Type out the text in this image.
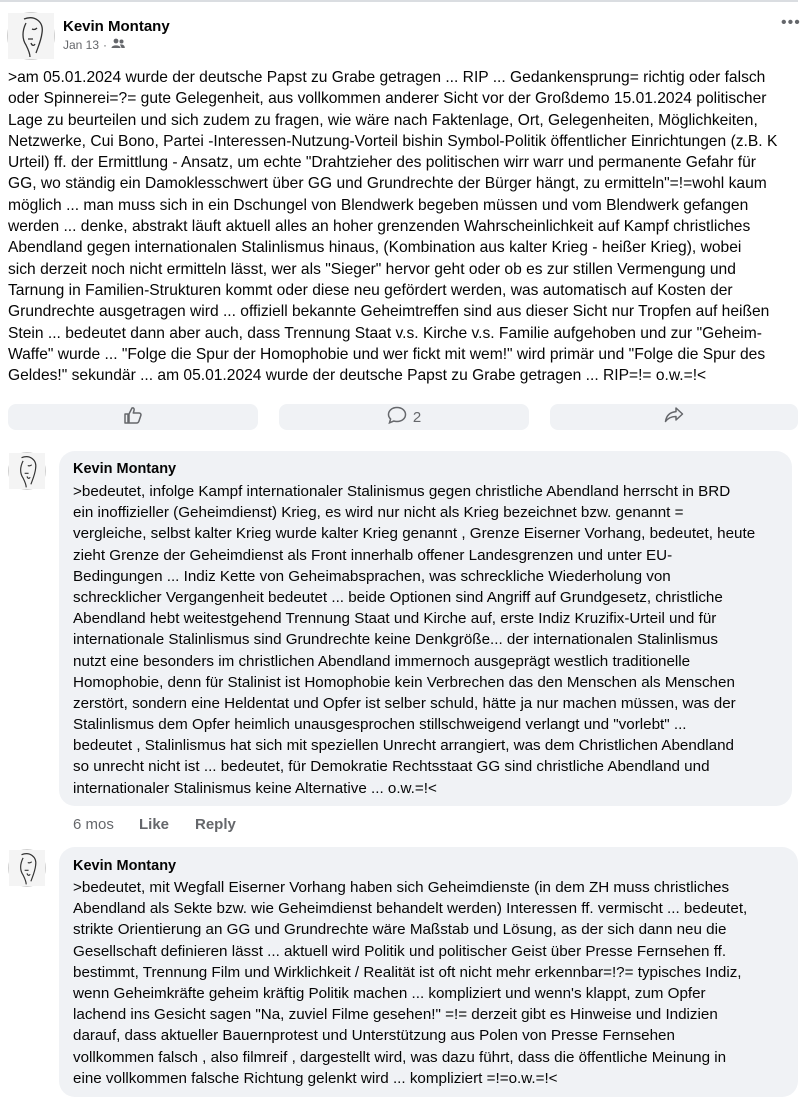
Kevin Montany
Jan 13 ·
•••
>am 05.01.2024 wurde der deutsche Papst zu Grabe getragen ... RIP ... Gedankensprung= richtig oder falsch
oder Spinnerei=?= gute Gelegenheit, aus vollkommen anderer Sicht vor der Großdemo 15.01.2024 politischer
Lage zu beurteilen und sich zudem zu fragen, wie wäre nach Faktenlage, Ort, Gelegenheiten, Möglichkeiten,
Netzwerke, Cui Bono, Partei -Interessen-Nutzung-Vorteil bishin Symbol-Politik öffentlicher Einrichtungen (z.B. K
Urteil) ff. der Ermittlung - Ansatz, um echte "Drahtzieher des politischen wirr warr und permanente Gefahr für
GG, wo ständig ein Damoklesschwert über GG und Grundrechte der Bürger hängt, zu ermitteln"=!=wohl kaum
möglich ... man muss sich in ein Dschungel von Blendwerk begeben müssen und vom Blendwerk gefangen
werden ... denke, abstrakt läuft aktuell alles an hoher grenzenden Wahrscheinlichkeit auf Kampf christliches
Abendland gegen internationalen Stalinlismus hinaus, (Kombination aus kalter Krieg - heißer Krieg), wobei
sich derzeit noch nicht ermitteln lässt, wer als "Sieger" hervor geht oder ob es zur stillen Vermengung und
Tarnung in Familien-Strukturen kommt oder diese neu gefördert werden, was automatisch auf Kosten der
Grundrechte ausgetragen wird ... offiziell bekannte Geheimtreffen sind aus dieser Sicht nur Tropfen auf heißen
Stein ... bedeutet dann aber auch, dass Trennung Staat v.s. Kirche v.s. Familie aufgehoben und zur "Geheim-
Waffe" wurde ... "Folge die Spur der Homophobie und wer fickt mit wem!" wird primär und "Folge die Spur des
Geldes!" sekundär ... am 05.01.2024 wurde der deutsche Papst zu Grabe getragen ... RIP=!= o.w.=!<
2
Kevin Montany
>bedeutet, infolge Kampf internationaler Stalinismus gegen christliche Abendland herrscht in BRD
ein inoffizieller (Geheimdienst) Krieg, es wird nur nicht als Krieg bezeichnet bzw. genannt =
vergleiche, selbst kalter Krieg wurde kalter Krieg genannt , Grenze Eiserner Vorhang, bedeutet, heute
zieht Grenze der Geheimdienst als Front innerhalb offener Landesgrenzen und unter EU-
Bedingungen ... Indiz Kette von Geheimabsprachen, was schreckliche Wiederholung von
schrecklicher Vergangenheit bedeutet ... beide Optionen sind Angriff auf Grundgesetz, christliche
Abendland hebt weitestgehend Trennung Staat und Kirche auf, erste Indiz Kruzifix-Urteil und für
internationale Stalinlismus sind Grundrechte keine Denkgröße... der internationalen Stalinlismus
nutzt eine besonders im christlichen Abendland immernoch ausgeprägt westlich traditionelle
Homophobie, denn für Stalinist ist Homophobie kein Verbrechen das den Menschen als Menschen
zerstört, sondern eine Heldentat und Opfer ist selber schuld, hätte ja nur machen müssen, was der
Stalinlismus dem Opfer heimlich unausgesprochen stillschweigend verlangt und "vorlebt" ...
bedeutet , Stalinlismus hat sich mit speziellen Unrecht arrangiert, was dem Christlichen Abendland
so unrecht nicht ist ... bedeutet, für Demokratie Rechtsstaat GG sind christliche Abendland und
internationaler Stalinismus keine Alternative ... o.w.=!<
6 mos	Like	Reply
Kevin Montany
>bedeutet, mit Wegfall Eiserner Vorhang haben sich Geheimdienste (in dem ZH muss christliches
Abendland als Sekte bzw. wie Geheimdienst behandelt werden) Interessen ff. vermischt ... bedeutet,
strikte Orientierung an GG und Grundrechte wäre Maßstab und Lösung, as der sich dann neu die
Gesellschaft definieren lässt ... aktuell wird Politik und politischer Geist über Presse Fernsehen ff.
bestimmt, Trennung Film und Wirklichkeit / Realität ist oft nicht mehr erkennbar=!?= typisches Indiz,
wenn Geheimkräfte geheim kräftig Politik machen ... kompliziert und wenn's klappt, zum Opfer
lachend ins Gesicht sagen "Na, zuviel Filme gesehen!" =!= derzeit gibt es Hinweise und Indizien
darauf, dass aktueller Bauernprotest und Unterstützung aus Polen von Presse Fernsehen
vollkommen falsch , also filmreif , dargestellt wird, was dazu führt, dass die öffentliche Meinung in
eine vollkommen falsche Richtung gelenkt wird ... kompliziert =!=o.w.=!<
